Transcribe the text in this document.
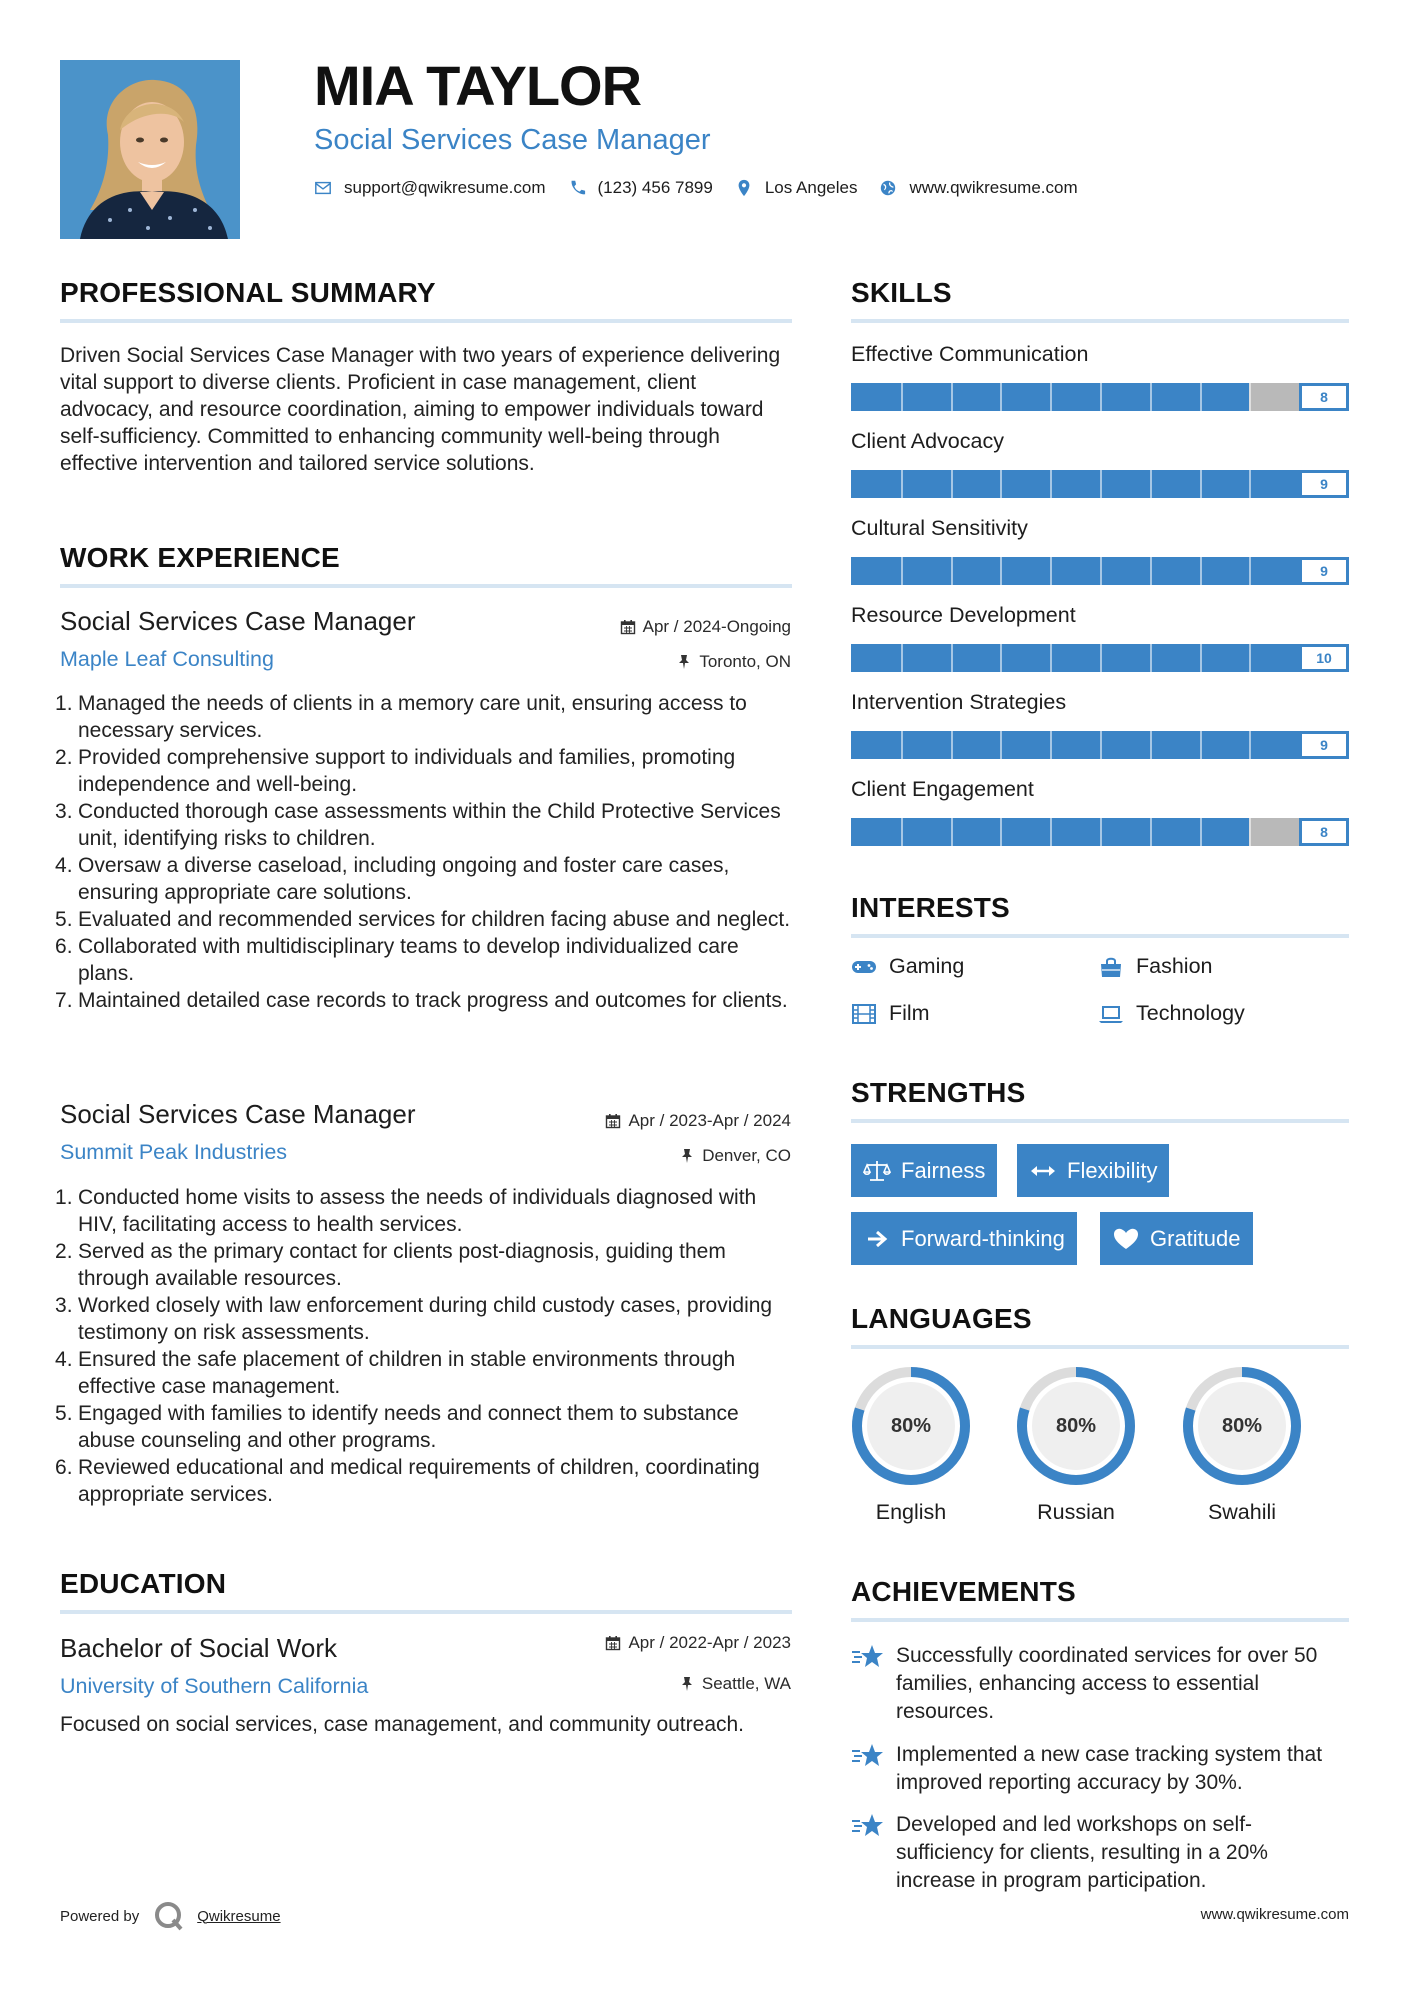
MIA TAYLOR
Social Services Case Manager
support@qwikresume.com	(123) 456 7899	Los Angeles	www.qwikresume.com
PROFESSIONAL SUMMARY
Driven Social Services Case Manager with two years of experience delivering vital support to diverse clients. Proficient in case management, client advocacy, and resource coordination, aiming to empower individuals toward self-sufficiency. Committed to enhancing community well-being through effective intervention and tailored service solutions.
WORK EXPERIENCE
Social Services Case Manager
Maple Leaf Consulting
Apr / 2024-Ongoing
Toronto, ON
Managed the needs of clients in a memory care unit, ensuring access to necessary services.
Provided comprehensive support to individuals and families, promoting independence and well-being.
Conducted thorough case assessments within the Child Protective Services unit, identifying risks to children.
Oversaw a diverse caseload, including ongoing and foster care cases, ensuring appropriate care solutions.
Evaluated and recommended services for children facing abuse and neglect.
Collaborated with multidisciplinary teams to develop individualized care plans.
Maintained detailed case records to track progress and outcomes for clients.
Social Services Case Manager
Summit Peak Industries
Apr / 2023-Apr / 2024
Denver, CO
Conducted home visits to assess the needs of individuals diagnosed with HIV, facilitating access to health services.
Served as the primary contact for clients post-diagnosis, guiding them through available resources.
Worked closely with law enforcement during child custody cases, providing testimony on risk assessments.
Ensured the safe placement of children in stable environments through effective case management.
Engaged with families to identify needs and connect them to substance abuse counseling and other programs.
Reviewed educational and medical requirements of children, coordinating appropriate services.
EDUCATION
Bachelor of Social Work
University of Southern California
Apr / 2022-Apr / 2023
Seattle, WA
Focused on social services, case management, and community outreach.
SKILLS
Effective Communication
8
Client Advocacy
9
Cultural Sensitivity
9
Resource Development
10
Intervention Strategies
9
Client Engagement
8
INTERESTS
Gaming	Fashion
Film	Technology
STRENGTHS
Fairness	Flexibility
Forward-thinking	Gratitude
LANGUAGES
80%
English
80%
Russian
80%
Swahili
ACHIEVEMENTS
Successfully coordinated services for over 50 families, enhancing access to essential resources.
Implemented a new case tracking system that improved reporting accuracy by 30%.
Developed and led workshops on self-sufficiency for clients, resulting in a 20% increase in program participation.
Powered by	Qwikresume	www.qwikresume.com
